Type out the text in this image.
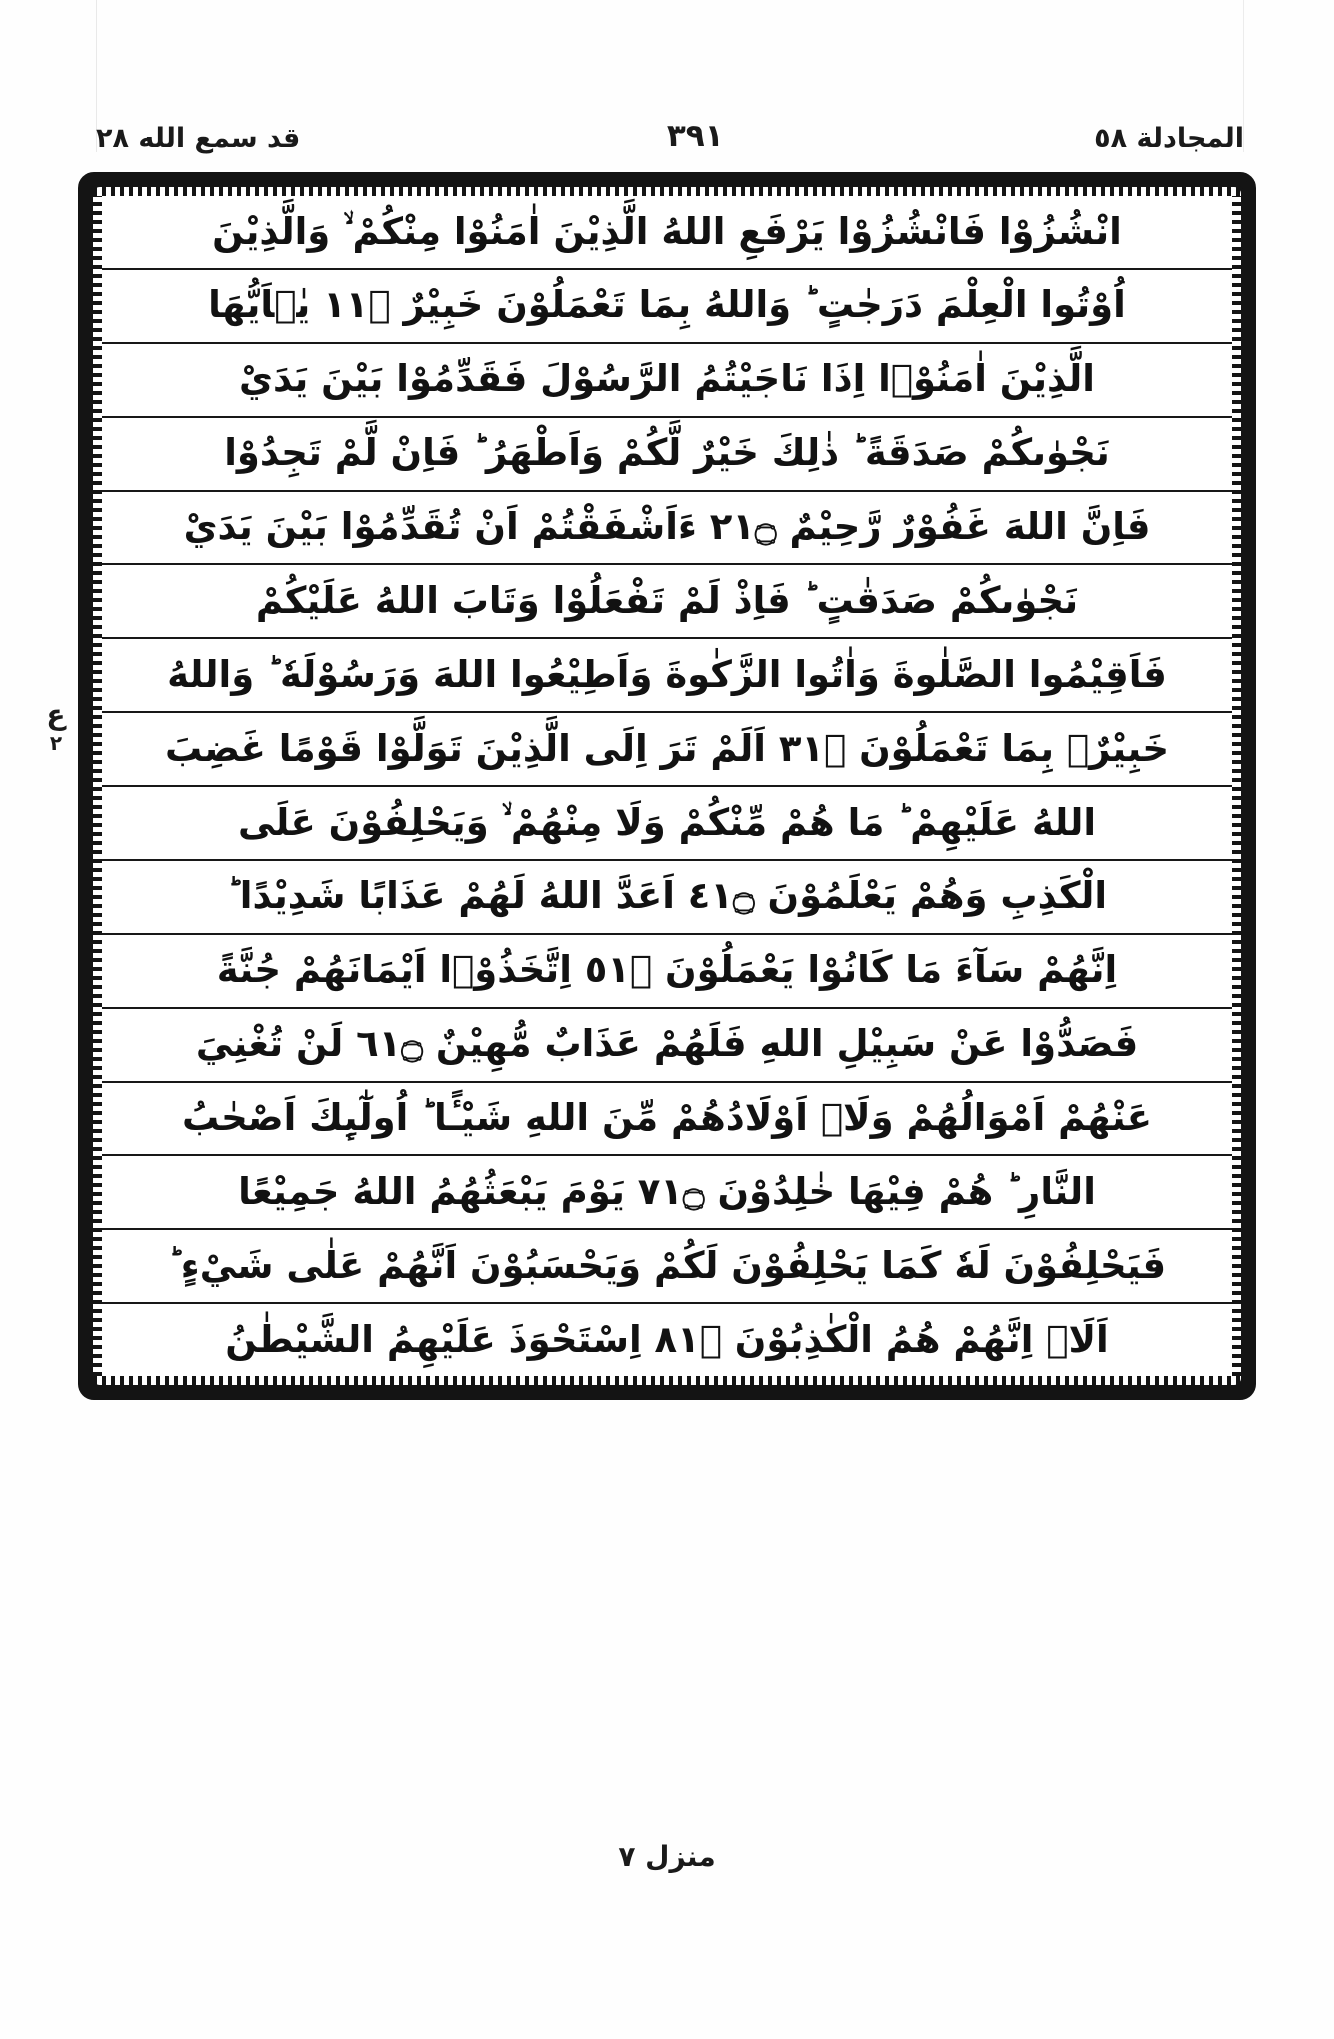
المجادلة ٥٨
٣٩١
قد سمع الله ٢٨
ع
٢
انْشُزُوْا فَانْشُزُوْا يَرْفَعِ اللهُ الَّذِيْنَ اٰمَنُوْا مِنْكُمْ ۙ وَالَّذِيْنَ
اُوْتُوا الْعِلْمَ دَرَجٰتٍ ؕ وَاللهُ بِمَا تَعْمَلُوْنَ خَبِيْرٌ ۝١١ يٰۤاَيُّهَا
الَّذِيْنَ اٰمَنُوْۤا اِذَا نَاجَيْتُمُ الرَّسُوْلَ فَقَدِّمُوْا بَيْنَ يَدَيْ
نَجْوٰىكُمْ صَدَقَةً ؕ ذٰلِكَ خَيْرٌ لَّكُمْ وَاَطْهَرُ ؕ فَاِنْ لَّمْ تَجِدُوْا
فَاِنَّ اللهَ غَفُوْرٌ رَّحِيْمٌ ۝١٢ ءَاَشْفَقْتُمْ اَنْ تُقَدِّمُوْا بَيْنَ يَدَيْ
نَجْوٰىكُمْ صَدَقٰتٍ ؕ فَاِذْ لَمْ تَفْعَلُوْا وَتَابَ اللهُ عَلَيْكُمْ
فَاَقِيْمُوا الصَّلٰوةَ وَاٰتُوا الزَّكٰوةَ وَاَطِيْعُوا اللهَ وَرَسُوْلَهٗ ؕ وَاللهُ
خَبِيْرٌۢ بِمَا تَعْمَلُوْنَ ۝١٣ اَلَمْ تَرَ اِلَى الَّذِيْنَ تَوَلَّوْا قَوْمًا غَضِبَ
اللهُ عَلَيْهِمْ ؕ مَا هُمْ مِّنْكُمْ وَلَا مِنْهُمْ ۙ وَيَحْلِفُوْنَ عَلَى
الْكَذِبِ وَهُمْ يَعْلَمُوْنَ ۝١٤ اَعَدَّ اللهُ لَهُمْ عَذَابًا شَدِيْدًا ؕ
اِنَّهُمْ سَآءَ مَا كَانُوْا يَعْمَلُوْنَ ۝١٥ اِتَّخَذُوْۤا اَيْمَانَهُمْ جُنَّةً
فَصَدُّوْا عَنْ سَبِيْلِ اللهِ فَلَهُمْ عَذَابٌ مُّهِيْنٌ ۝١٦ لَنْ تُغْنِيَ
عَنْهُمْ اَمْوَالُهُمْ وَلَاۤ اَوْلَادُهُمْ مِّنَ اللهِ شَيْـًٔا ؕ اُولٰٓىِٕكَ اَصْحٰبُ
النَّارِ ؕ هُمْ فِيْهَا خٰلِدُوْنَ ۝١٧ يَوْمَ يَبْعَثُهُمُ اللهُ جَمِيْعًا
فَيَحْلِفُوْنَ لَهٗ كَمَا يَحْلِفُوْنَ لَكُمْ وَيَحْسَبُوْنَ اَنَّهُمْ عَلٰى شَيْءٍ ؕ
اَلَاۤ اِنَّهُمْ هُمُ الْكٰذِبُوْنَ ۝١٨ اِسْتَحْوَذَ عَلَيْهِمُ الشَّيْطٰنُ
منزل ٧
